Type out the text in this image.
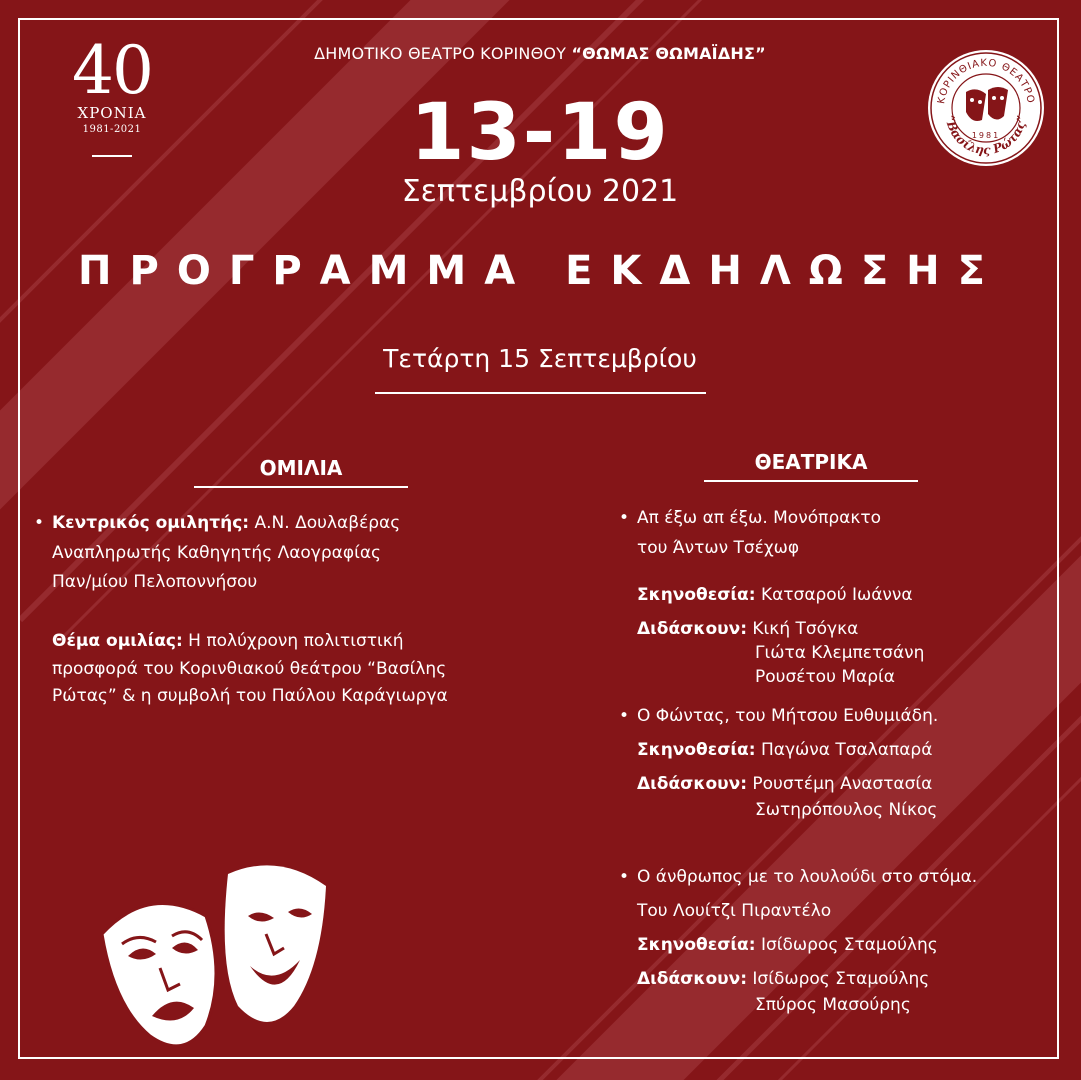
40
ΧΡΟΝΙΑ
1981-2021
ΔΗΜΟΤΙΚΟ ΘΕΑΤΡΟ ΚΟΡΙΝΘΟΥ “ΘΩΜΑΣ ΘΩΜΑΪΔΗΣ”
ΚΟΡΙΝΘΙΑΚΟ ΘΕΑΤΡΟ
“Βασίλης Ρώτας”
1981
13-19
Σεπτεμβρίου 2021
ΠΡΟΓΡΑΜΜΑ ΕΚΔΗΛΩΣΗΣ
Τετάρτη 15 Σεπτεμβρίου
ΟΜΙΛΙΑ
• Κεντρικός ομιλητής: Α.Ν. Δουλαβέρας
Αναπληρωτής Καθηγητής Λαογραφίας
Παν/μίου Πελοποννήσου
Θέμα ομιλίας: Η πολύχρονη πολιτιστική
προσφορά του Κορινθιακού θεάτρου “Βασίλης
Ρώτας” & η συμβολή του Παύλου Καράγιωργα
ΘΕΑΤΡΙΚΑ
• Απ έξω απ έξω. Μονόπρακτο
του Άντων Τσέχωφ
Σκηνοθεσία: Κατσαρού Ιωάννα
Διδάσκουν: Κική Τσόγκα
Γιώτα Κλεμπετσάνη
Ρουσέτου Μαρία
• Ο Φώντας, του Μήτσου Ευθυμιάδη.
Σκηνοθεσία: Παγώνα Τσαλαπαρά
Διδάσκουν: Ρουστέμη Αναστασία
Σωτηρόπουλος Νίκος
• Ο άνθρωπος με το λουλούδι στο στόμα.
Του Λουίτζι Πιραντέλο
Σκηνοθεσία: Ισίδωρος Σταμούλης
Διδάσκουν: Ισίδωρος Σταμούλης
Σπύρος Μασούρης
